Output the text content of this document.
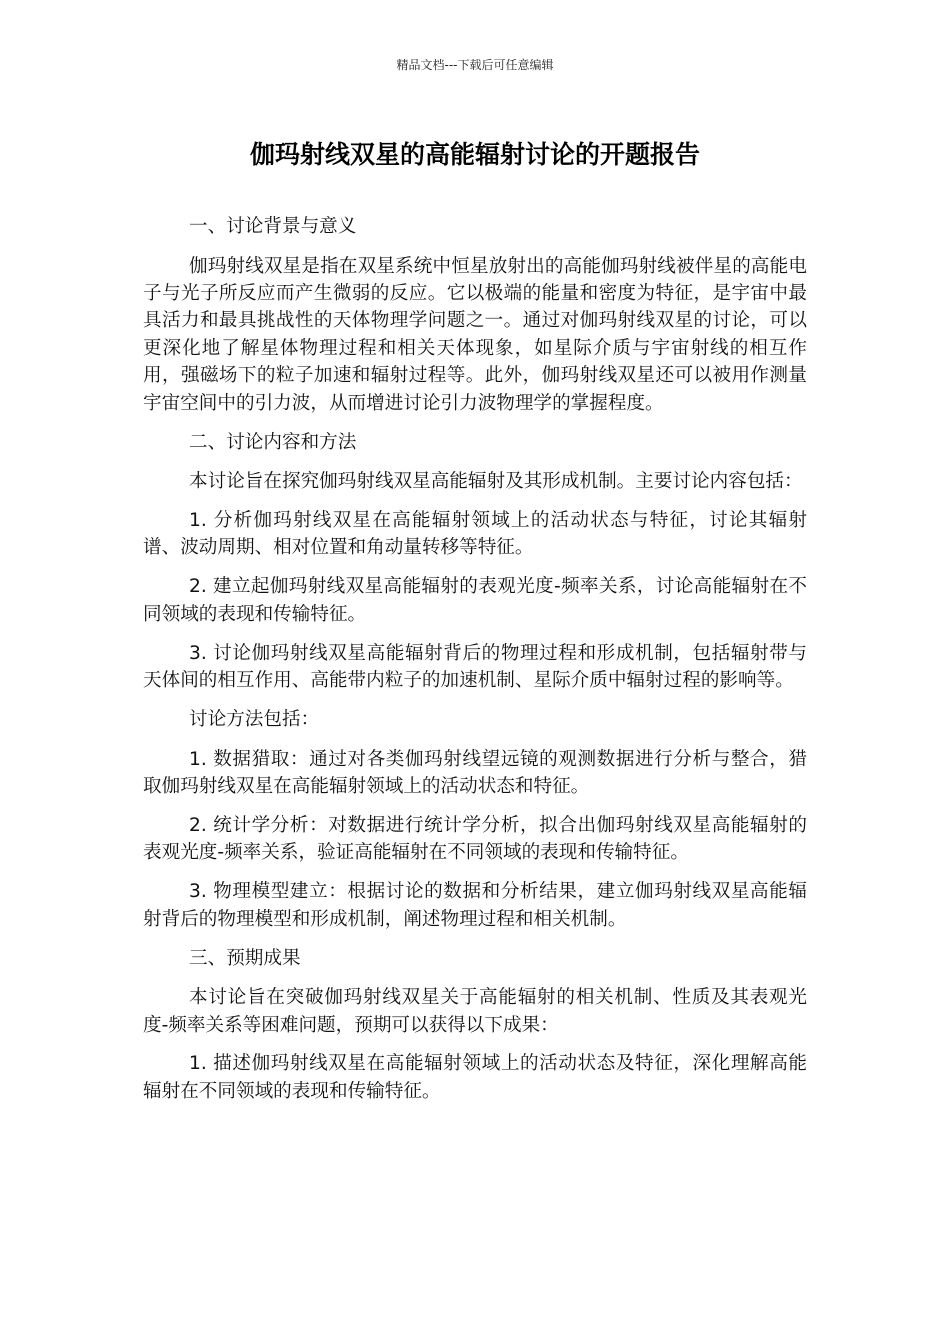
精品文档---下载后可任意编辑
伽玛射线双星的高能辐射讨论的开题报告

一、讨论背景与意义

伽玛射线双星是指在双星系统中恒星放射出的高能伽玛射线被伴星的高能电子与光子所反应而产生微弱的反应。它以极端的能量和密度为特征，是宇宙中最具活力和最具挑战性的天体物理学问题之一。通过对伽玛射线双星的讨论，可以更深化地了解星体物理过程和相关天体现象，如星际介质与宇宙射线的相互作用，强磁场下的粒子加速和辐射过程等。此外，伽玛射线双星还可以被用作测量宇宙空间中的引力波，从而增进讨论引力波物理学的掌握程度。

二、讨论内容和方法

本讨论旨在探究伽玛射线双星高能辐射及其形成机制。主要讨论内容包括：

1. 分析伽玛射线双星在高能辐射领域上的活动状态与特征，讨论其辐射谱、波动周期、相对位置和角动量转移等特征。

2. 建立起伽玛射线双星高能辐射的表观光度-频率关系，讨论高能辐射在不同领域的表现和传输特征。

3. 讨论伽玛射线双星高能辐射背后的物理过程和形成机制，包括辐射带与天体间的相互作用、高能带内粒子的加速机制、星际介质中辐射过程的影响等。

讨论方法包括：

1. 数据猎取：通过对各类伽玛射线望远镜的观测数据进行分析与整合，猎取伽玛射线双星在高能辐射领域上的活动状态和特征。

2. 统计学分析：对数据进行统计学分析，拟合出伽玛射线双星高能辐射的表观光度-频率关系，验证高能辐射在不同领域的表现和传输特征。

3. 物理模型建立：根据讨论的数据和分析结果，建立伽玛射线双星高能辐射背后的物理模型和形成机制，阐述物理过程和相关机制。

三、预期成果

本讨论旨在突破伽玛射线双星关于高能辐射的相关机制、性质及其表观光度-频率关系等困难问题，预期可以获得以下成果：

1. 描述伽玛射线双星在高能辐射领域上的活动状态及特征，深化理解高能辐射在不同领域的表现和传输特征。
